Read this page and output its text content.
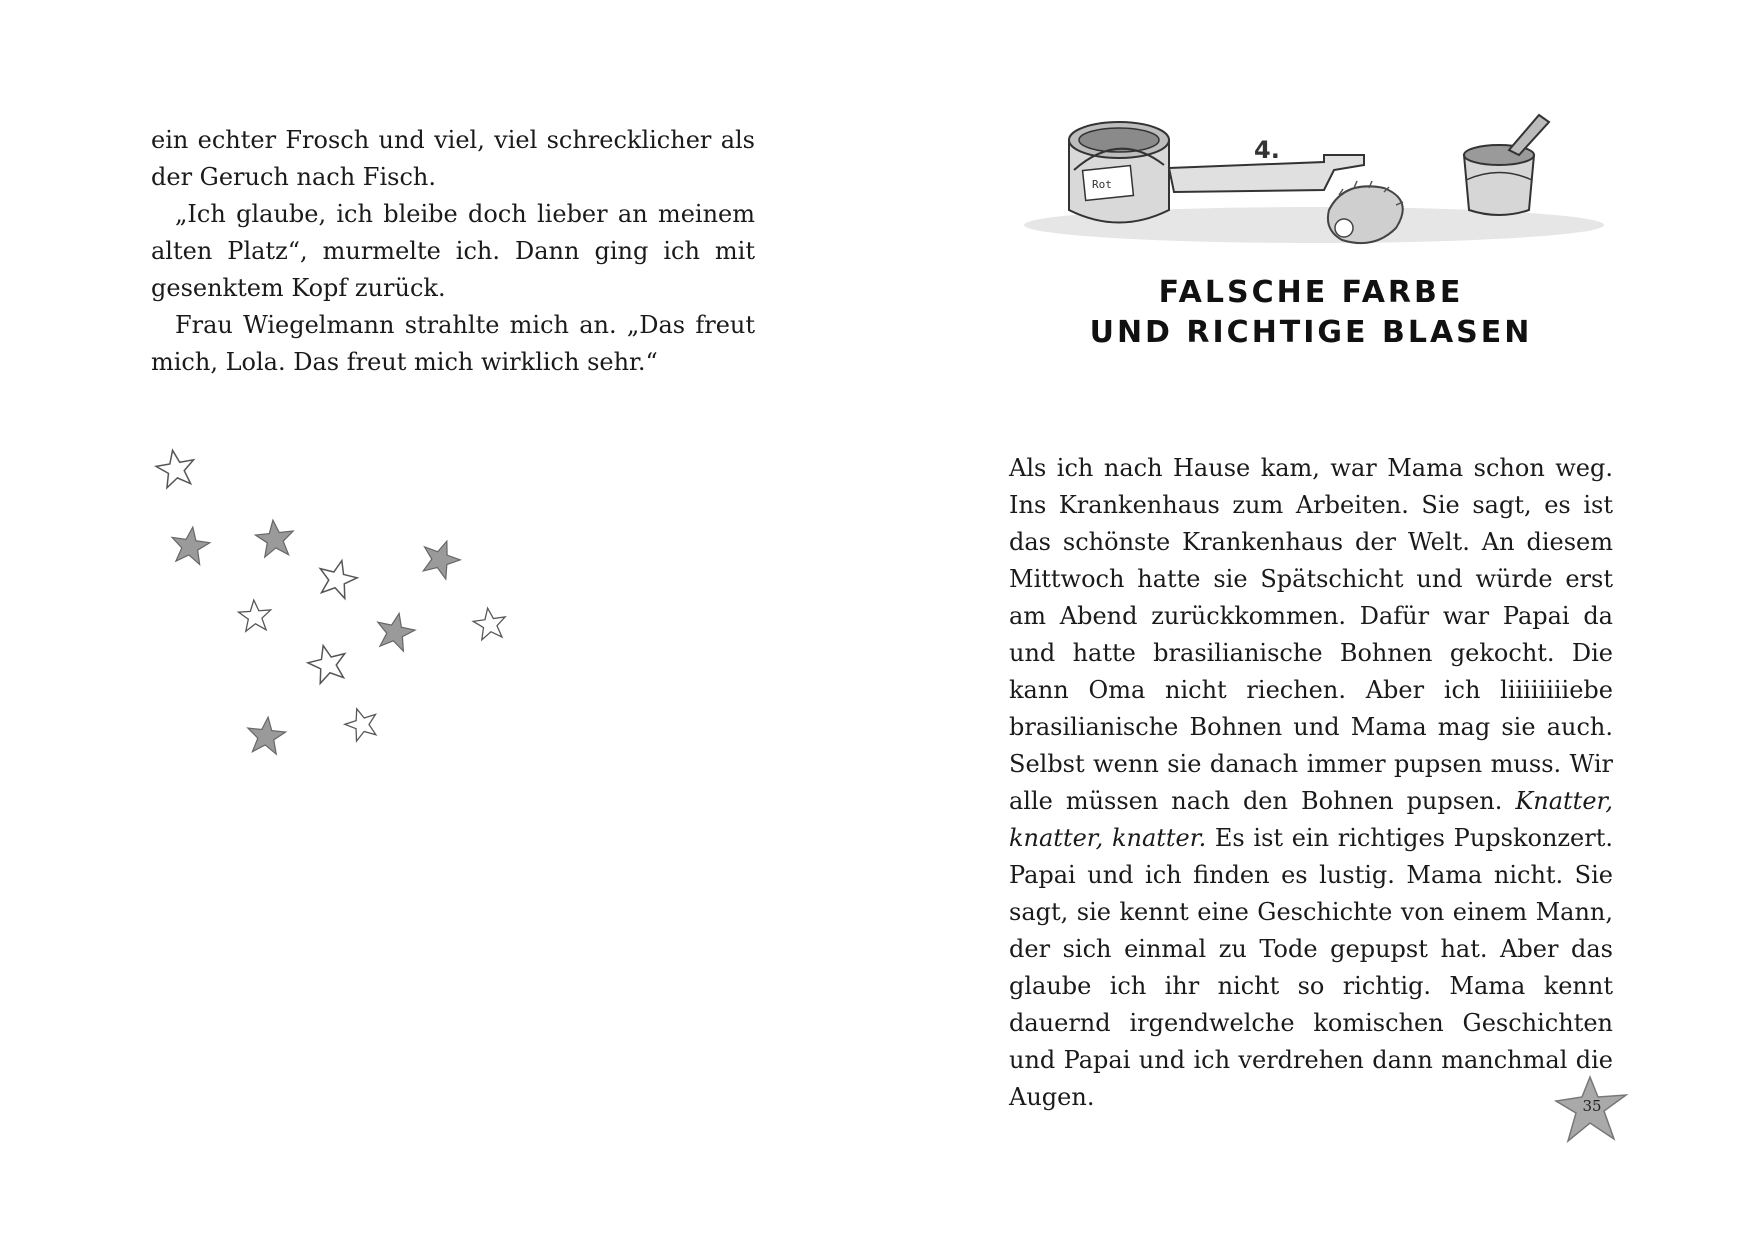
ein echter Frosch und viel, viel schrecklicher als der Geruch nach Fisch.

„Ich glaube, ich bleibe doch lieber an meinem alten Platz“, murmelte ich. Dann ging ich mit gesenktem Kopf zurück.

Frau Wiegelmann strahlte mich an. „Das freut mich, Lola. Das freut mich wirklich sehr.“

Rot
4.
FALSCHE FARBE
UND RICHTIGE BLASEN

Als ich nach Hause kam, war Mama schon weg. Ins Krankenhaus zum Arbeiten. Sie sagt, es ist das schönste Krankenhaus der Welt. An diesem Mittwoch hatte sie Spätschicht und würde erst am Abend zurückkommen. Dafür war Papai da und hatte brasilianische Bohnen gekocht. Die kann Oma nicht riechen. Aber ich liiiiiiiiebe brasilianische Bohnen und Mama mag sie auch. Selbst wenn sie danach immer pupsen muss. Wir alle müssen nach den Bohnen pupsen. Knatter, knatter, knatter. Es ist ein richtiges Pupskonzert. Papai und ich finden es lustig. Mama nicht. Sie sagt, sie kennt eine Geschichte von einem Mann, der sich einmal zu Tode gepupst hat. Aber das glaube ich ihr nicht so richtig. Mama kennt dauernd irgendwelche komischen Geschichten und Papai und ich verdrehen dann manchmal die Augen.	35
